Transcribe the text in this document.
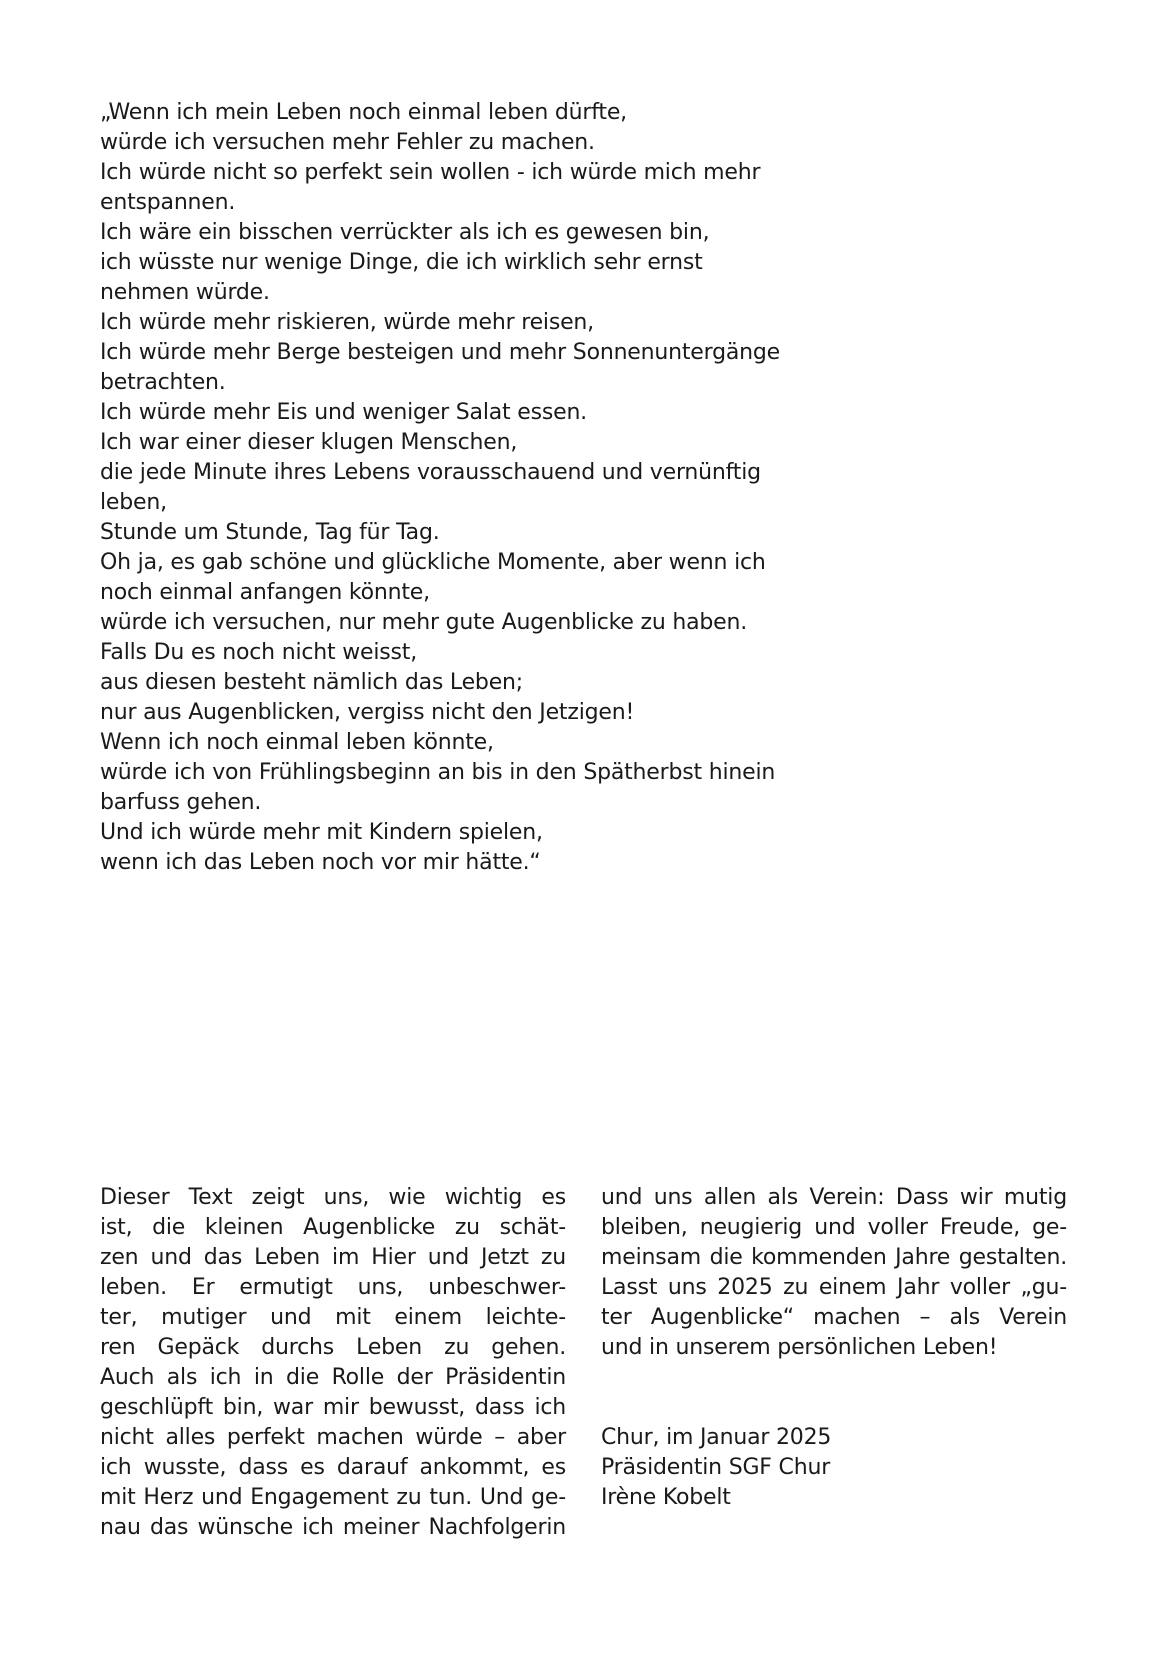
„Wenn ich mein Leben noch einmal leben dürfte,
würde ich versuchen mehr Fehler zu machen.
Ich würde nicht so perfekt sein wollen - ich würde mich mehr
entspannen.
Ich wäre ein bisschen verrückter als ich es gewesen bin,
ich wüsste nur wenige Dinge, die ich wirklich sehr ernst
nehmen würde.
Ich würde mehr riskieren, würde mehr reisen,
Ich würde mehr Berge besteigen und mehr Sonnenuntergänge
betrachten.
Ich würde mehr Eis und weniger Salat essen.
Ich war einer dieser klugen Menschen,
die jede Minute ihres Lebens vorausschauend und vernünftig
leben,
Stunde um Stunde, Tag für Tag.
Oh ja, es gab schöne und glückliche Momente, aber wenn ich
noch einmal anfangen könnte,
würde ich versuchen, nur mehr gute Augenblicke zu haben.
Falls Du es noch nicht weisst,
aus diesen besteht nämlich das Leben;
nur aus Augenblicken, vergiss nicht den Jetzigen!
Wenn ich noch einmal leben könnte,
würde ich von Frühlingsbeginn an bis in den Spätherbst hinein
barfuss gehen.
Und ich würde mehr mit Kindern spielen,
wenn ich das Leben noch vor mir hätte.“
Dieser Text zeigt uns, wie wichtig es
ist, die kleinen Augenblicke zu schät-
zen und das Leben im Hier und Jetzt zu
leben. Er ermutigt uns, unbeschwer-
ter, mutiger und mit einem leichte-
ren Gepäck durchs Leben zu gehen.
Auch als ich in die Rolle der Präsidentin
geschlüpft bin, war mir bewusst, dass ich
nicht alles perfekt machen würde – aber
ich wusste, dass es darauf ankommt, es
mit Herz und Engagement zu tun. Und ge-
nau das wünsche ich meiner Nachfolgerin
und uns allen als Verein: Dass wir mutig
bleiben, neugierig und voller Freude, ge-
meinsam die kommenden Jahre gestalten.
Lasst uns 2025 zu einem Jahr voller „gu-
ter Augenblicke“ machen – als Verein
und in unserem persönlichen Leben!
Chur, im Januar 2025
Präsidentin SGF Chur
Irène Kobelt
